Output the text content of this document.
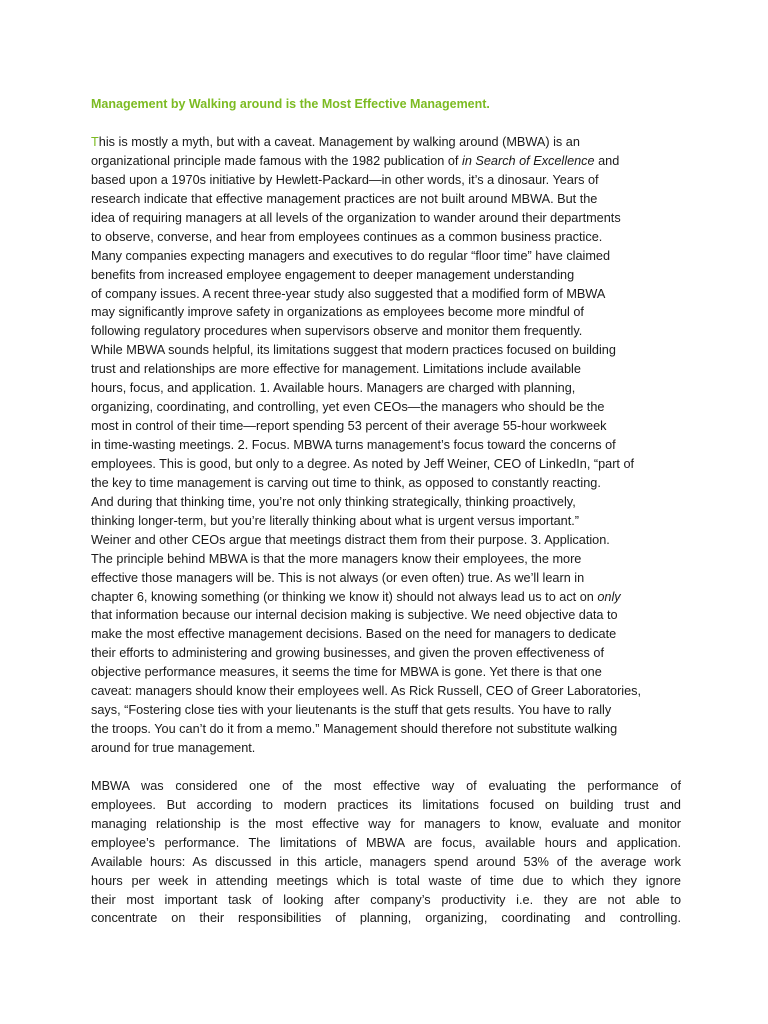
Management by Walking around is the Most Effective Management.
This is mostly a myth, but with a caveat. Management by walking around (MBWA) is an
organizational principle made famous with the 1982 publication of in Search of Excellence and
based upon a 1970s initiative by Hewlett-Packard—in other words, it’s a dinosaur. Years of
research indicate that effective management practices are not built around MBWA. But the
idea of requiring managers at all levels of the organization to wander around their departments
to observe, converse, and hear from employees continues as a common business practice.
Many companies expecting managers and executives to do regular “floor time” have claimed
benefits from increased employee engagement to deeper management understanding
of company issues. A recent three-year study also suggested that a modified form of MBWA
may significantly improve safety in organizations as employees become more mindful of
following regulatory procedures when supervisors observe and monitor them frequently.
While MBWA sounds helpful, its limitations suggest that modern practices focused on building
trust and relationships are more effective for management. Limitations include available
hours, focus, and application. 1. Available hours. Managers are charged with planning,
organizing, coordinating, and controlling, yet even CEOs—the managers who should be the
most in control of their time—report spending 53 percent of their average 55-hour workweek
in time-wasting meetings. 2. Focus. MBWA turns management’s focus toward the concerns of
employees. This is good, but only to a degree. As noted by Jeff Weiner, CEO of LinkedIn, “part of
the key to time management is carving out time to think, as opposed to constantly reacting.
And during that thinking time, you’re not only thinking strategically, thinking proactively,
thinking longer-term, but you’re literally thinking about what is urgent versus important.”
Weiner and other CEOs argue that meetings distract them from their purpose. 3. Application.
The principle behind MBWA is that the more managers know their employees, the more
effective those managers will be. This is not always (or even often) true. As we’ll learn in
chapter 6, knowing something (or thinking we know it) should not always lead us to act on only
that information because our internal decision making is subjective. We need objective data to
make the most effective management decisions. Based on the need for managers to dedicate
their efforts to administering and growing businesses, and given the proven effectiveness of
objective performance measures, it seems the time for MBWA is gone. Yet there is that one
caveat: managers should know their employees well. As Rick Russell, CEO of Greer Laboratories,
says, “Fostering close ties with your lieutenants is the stuff that gets results. You have to rally
the troops. You can’t do it from a memo.” Management should therefore not substitute walking
around for true management.
MBWA was considered one of the most effective way of evaluating the performance of
employees. But according to modern practices its limitations focused on building trust and
managing relationship is the most effective way for managers to know, evaluate and monitor
employee’s performance. The limitations of MBWA are focus, available hours and application.
Available hours: As discussed in this article, managers spend around 53% of the average work
hours per week in attending meetings which is total waste of time due to which they ignore
their most important task of looking after company’s productivity i.e. they are not able to
concentrate on their responsibilities of planning, organizing, coordinating and controlling.
